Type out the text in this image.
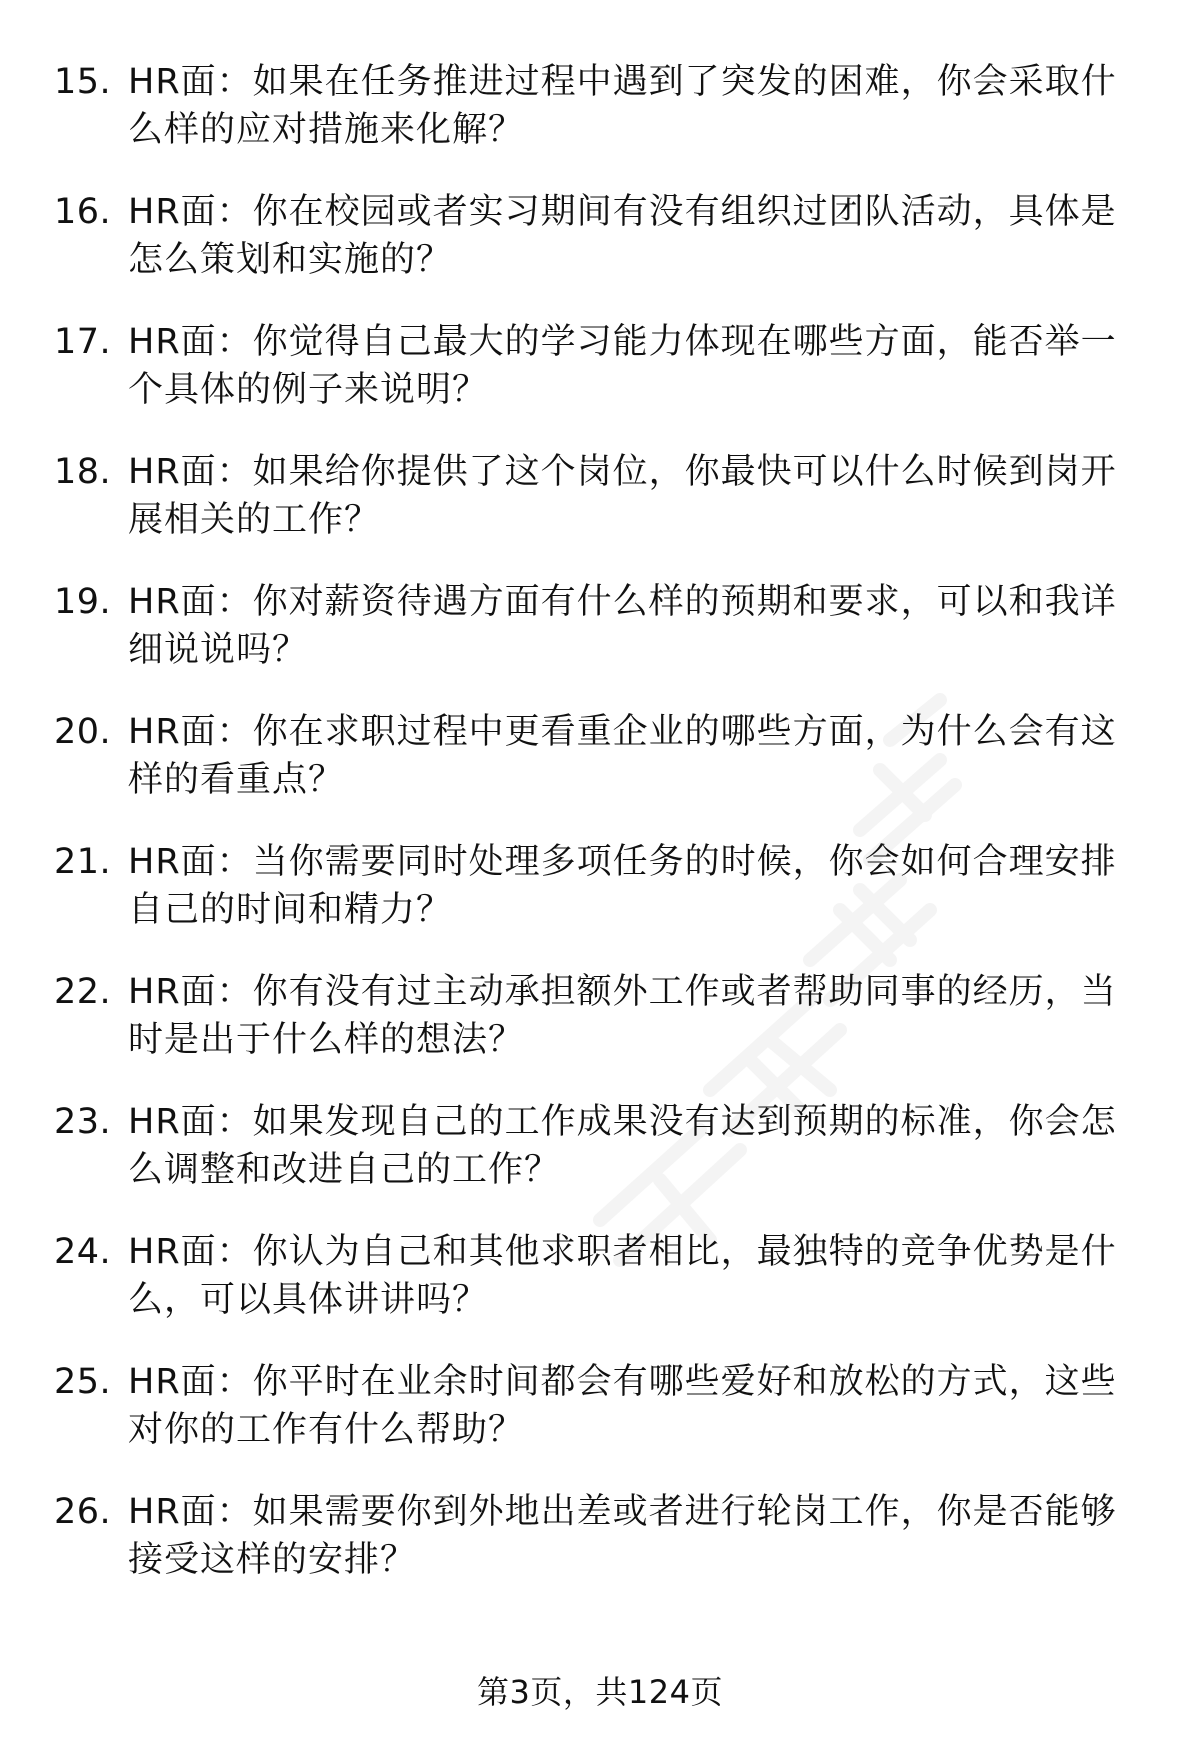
15. HR面：如果在任务推进过程中遇到了突发的困难，你会采取什么样的应对措施来化解？
16. HR面：你在校园或者实习期间有没有组织过团队活动，具体是怎么策划和实施的？
17. HR面：你觉得自己最大的学习能力体现在哪些方面，能否举一个具体的例子来说明？
18. HR面：如果给你提供了这个岗位，你最快可以什么时候到岗开展相关的工作？
19. HR面：你对薪资待遇方面有什么样的预期和要求，可以和我详细说说吗？
20. HR面：你在求职过程中更看重企业的哪些方面，为什么会有这样的看重点？
21. HR面：当你需要同时处理多项任务的时候，你会如何合理安排自己的时间和精力？
22. HR面：你有没有过主动承担额外工作或者帮助同事的经历，当时是出于什么样的想法？
23. HR面：如果发现自己的工作成果没有达到预期的标准，你会怎么调整和改进自己的工作？
24. HR面：你认为自己和其他求职者相比，最独特的竞争优势是什么，可以具体讲讲吗？
25. HR面：你平时在业余时间都会有哪些爱好和放松的方式，这些对你的工作有什么帮助？
26. HR面：如果需要你到外地出差或者进行轮岗工作，你是否能够接受这样的安排？
第3页，共124页
